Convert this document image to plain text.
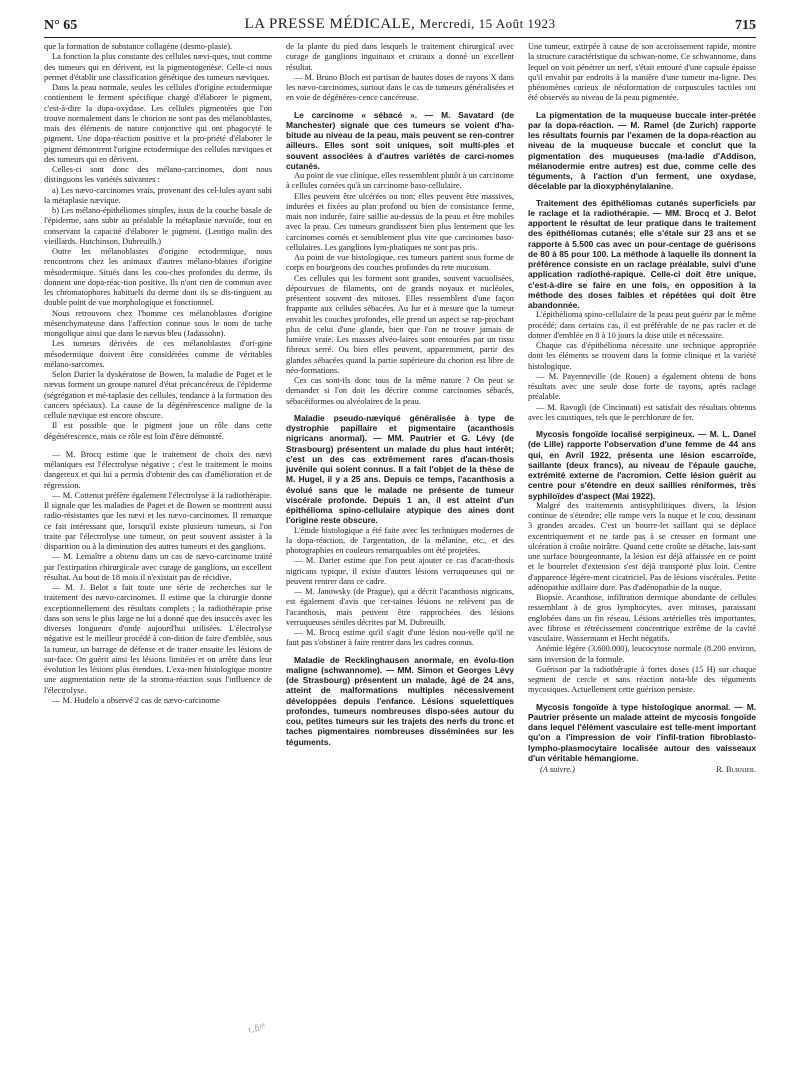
N° 65	LA PRESSE MÉDICALE, Mercredi, 15 Août 1923	715

que la formation de substance collagène (desmo-plasie).

La fonction la plus constante des cellules nævi-ques, tout comme des tumeurs qui en dérivent, est la pigmentogenèse. Celle-ci nous permet d'établir une classification génétique des tumeurs næviques.

Dans la peau normale, seules les cellules d'origine ectodermique contiennent le ferment spécifique chargé d'élaborer le pigment, c'est-à-dire la dopa-oxydase. Les cellules pigmentées que l'on trouve normalement dans le chorion ne sont pas des mélanoblastes, mais des éléments de nature conjonctive qui ont phagocyté le pigment. Une dopa-réaction positive et la pro-priété d'élaborer le pigment démontrent l'origine ectodermique des cellules næviques et des tumeurs qui en dérivent.

Celles-ci sont donc des mélano-carcinomes, dont nous distinguons les variétés suivantes :

a) Les nævo-carcinomes vrais, provenant des cel-lules ayant subi la métaplasie nævique.

b) Les mélano-épithéliomes simples, issus de la couche basale de l'épiderme, sans subir au préalable la métaplasie nævoïde, tout en conservant la capacité d'élaborer le pigment. (Lentigo malin des vieillards. Hutchinson, Dubreuilh.)

Outre les mélanoblastes d'origine ectodermique, nous rencontrons chez les animaux d'autres mélano-blastes d'origine mésodermique. Situés dans les cou-ches profondes du derme, ils donnent une dopa-réac-tion positive. Ils n'ont rien de commun avec les chromatophores habituels du derme dont ils se dis-tinguent au double point de vue morphologique et fonctionnel.

Nous retrouvons chez l'homme ces mélanoblastes d'origine mésenchymateuse dans l'affection connue sous le nom de tache mongolique ainsi que dans le nævus bleu (Jadassohn).

Les tumeurs dérivées de ces mélanoblastes d'ori-gine mésodermique doivent être considérées comme de véritables mélano-sarcomes.

Selon Darier la dyskératose de Bowen, la maladie de Paget et le nævus forment un groupe naturel d'état précancéreux de l'épiderme (ségrégation et mé-taplasie des cellules, tendance à la formation des cancers spéciaux). La cause de la dégénérescence maligne de la cellule nævique est encore obscure.

Il est possible que le pigment joue un rôle dans cette dégénérescence, mais ce rôle est loin d'être démontré.

— M. Brocq estime que le traitement de choix des nævi mélaniques est l'électrolyse négative ; c'est le traitement le moins dangereux et qui lui a permis d'obtenir des cas d'amélioration et de régression.

— M. Cottenot préfère également l'électrolyse à la radiothérapie. Il signale que les maladies de Paget et de Bowen se montrent aussi radio-résistantes que les nævi et les nævo-carcinomes. Il remarque ce fait intéressant que, lorsqu'il existe plusieurs tumeurs, si l'on traite par l'électrolyse une tumeur, on peut souvent assister à la disparition ou à la diminution des autres tumeurs et des ganglions.

— M. Lemaître a obtenu dans un cas de nævo-carcinome traité par l'extirpation chirurgicale avec curage de ganglions, un excellent résultat. Au bout de 18 mois il n'existait pas de récidive.

— M. J. Belot a fait toute une série de recherches sur le traitement des nævo-carcinomes. Il estime que la chirurgie donne exceptionnellement des résultats complets ; la radiothérapie prise dans son sens le plus large ne lui a donné que des insuccès avec les diverses longueurs d'onde aujourd'hui utilisées. L'électrolyse négative est le meilleur procédé à con-dition de faire d'emblée, sous la tumeur, un barrage de défense et de traiter ensuite les lésions de sur-face. On guérit ainsi les lésions limitées et on arrête dans leur évolution les lésions plus étendues. L'exa-men histologique montre une augmentation nette de la stroma-réaction sous l'influence de l'électrolyse.

— M. Hudelo a observé 2 cas de nævo-carcinome

de la plante du pied dans lesquels le traitement chirurgical avec curage de ganglions inguinaux et cruraux a donné un excellent résultat.

— M. Bruno Bloch est partisan de hautes doses de rayons X dans les nævo-carcinomes, surtout dans le cas de tumeurs généralisées et en voie de dégénéres-cence cancéreuse.

Le carcinome « sébacé ». — M. Savatard (de Manchester) signale que ces tumeurs se voient d'ha-bitude au niveau de la peau, mais peuvent se ren-contrer ailleurs. Elles sont soit uniques, soit multi-ples et souvent associées à d'autres variétés de carci-nomes cutanés.

Au point de vue clinique, elles ressemblent plutôt à un carcinome à cellules cornées qu'à un carcinome baso-cellulaire.

Elles peuvent être ulcérées ou non; elles peuvent être massives, indurées et fixées au plan profond ou bien de consistance ferme, mais non indurée, faire saillie au-dessus de la peau et être mobiles avec la peau. Ces tumeurs grandissent bien plus lentement que les carcinomes cornés et sensiblement plus vite que carcinomes baso-cellulaires. Les ganglions lym-phatiques ne sont pas pris.

Au point de vue histologique, ces tumeurs partent sous forme de corps en bourgeons des couches profondes du rete mucosum.

Ces cellules qui les forment sont grandes, souvent vacuolisées, dépourvues de filaments, ont de grands noyaux et nucléoles, présentent souvent des mitoses. Elles ressemblent d'une façon frappante aux cellules sébacées. Au fur et à mesure que la tumeur envahit les couches profondes, elle prend un aspect se rap-prochant plus de celui d'une glande, bien que l'on ne trouve jamais de lumière vraie. Les masses alvéo-laires sont entourées par un tissu fibreux serré. Ou bien elles peuvent, apparemment, partir des glandes sébacées quand la partie supérieure du chorion est libre de néo-formations.

Ces cas sont-ils donc tous de la même nature ? On peut se demander si l'on doit les décrire comme carcinomes sébacés, sébacéiformes ou alvéolaires de la peau.

Maladie pseudo-næviqué généralisée à type de dystrophie papillaire et pigmentaire (acanthosis nigricans anormal). — MM. Pautrier et G. Lévy (de Strasbourg) présentent un malade du plus haut intérêt; c'est un des cas extrêmement rares d'acan-thosis juvénile qui soient connus. Il a fait l'objet de la thèse de M. Hugel, il y a 25 ans. Depuis ce temps, l'acanthosis a évolué sans que le malade ne présente de tumeur viscérale profonde. Depuis 1 an, il est atteint d'un épithélioma spino-cellulaire atypique des aines dont l'origine reste obscure.

L'étude histologique a été faite avec les techniques modernes de la dopa-réaction, de l'argentation, de la mélanine, etc., et des photographies en couleurs remarquables ont été projetées.

— M. Darier estime que l'on peut ajouter ce cas d'acan-thosis nigricans typique, il existe d'autres lésions verruqueuses qui ne peuvent rentrer dans ce cadre.

— M. Janowsky (de Prague), qui a décrit l'acanthosis nigricans, est également d'avis que cer-taines lésions ne relèvent pas de l'acanthosis, mais peuvent être rapprochées des lésions verruqueuses séniles décrites par M. Dubreuilh.

— M. Brocq estime qu'il s'agit d'une lésion nou-velle qu'il ne faut pas s'obstiner à faire rentrer dans les cadres connus.

Maladie de Recklinghausen anormale, en évolu-tion maligne (schwannome). — MM. Simon et Georges Lévy (de Strasbourg) présentent un malade, âgé de 24 ans, atteint de malformations multiples nécessivement développées depuis l'enfance. Lésions squelettiques profondes, tumeurs nombreuses dispo-sées autour du cou, petites tumeurs sur les trajets des nerfs du tronc et taches pigmentaires nombreuses disséminées sur les téguments.

Une tumeur, extirpée à cause de son accroissement rapide, montre la structure caractéristique du schwan-nome. Ce schwannome, dans lequel on voit pénétrer un nerf, s'était entouré d'une capsule épaisse qu'il envahit par endroits à la manière d'une tumeur ma-ligne. Des phénomènes curieux de néoformation de corpuscules tactiles ont été observés au niveau de la peau pigmentée.

La pigmentation de la muqueuse buccale inter-prétée par la dopa-réaction. — M. Ramel (de Zurich) rapporte les résultats fournis par l'examen de la dopa-réaction au niveau de la muqueuse buccale et conclut que la pigmentation des muqueuses (ma-ladie d'Addison, mélanodermie entre autres) est due, comme celle des téguments, à l'action d'un ferment, une oxydase, décelable par la dioxyphénylalanine.
Traitement des épithéliomas cutanés superficiels par le raclage et la radiothérapie. — MM. Brocq et J. Belot apportent le résultat de leur pratique dans le traitement des épithéliomas cutanés; elle s'étale sur 23 ans et se rapporte à 5.500 cas avec un pour-centage de guérisons de 80 à 85 pour 100. La méthode à laquelle ils donnent la préférence consiste en un raclage préalable, suivi d'une application radiothé-rapique. Celle-ci doit être unique, c'est-à-dire se faire en une fois, en opposition à la méthode des doses faibles et répétées qui doit être abandonnée.

L'épithélioma spino-cellulaire de la peau peut guérir par le même procédé; dans certains cas, il est préférable de ne pas racler et de donner d'emblée en 8 à 10 jours la dose utile et nécessaire.

Chaque cas d'épithélioma nécessite une technique appropriée dont les éléments se trouvent dans la forme clinique et la variété histologique.

— M. Payenneville (de Rouen) a également obtenu de bons résultats avec une seule dose forte de rayons, après raclage préalable.

— M. Ravogli (de Cincinnati) est satisfait des résultats obtenus avec les caustiques, tels que le perchlorure de fer.

Mycosis fongoïde localisé serpigineux. — M. L. Danel (de Lille) rapporte l'observation d'une femme de 44 ans qui, en Avril 1922, présenta une lésion escarroïde, saillante (deux francs), au niveau de l'épaule gauche, extrémité externe de l'acromion. Cette lésion guérit au centre pour s'étendre en deux saillies réniformes, très syphiloïdes d'aspect (Mai 1922).

Malgré des traitements antisyphilitiques divers, la lésion continue de s'étendre; elle rampe vers la nuque et le cou, dessinant 3 grandes arcades. C'est un bourre-let saillant qui se déplace excentriquement et ne tarde pas à se creuser en formant une ulcération à croûte noirâtre. Quand cette croûte se détache, lais-sant une surface bourgeonnante, la lésion est déjà affaissée en ce point et le bourrelet d'extension s'est déjà transporté plus loin. Centre d'apparence légère-ment cicatriciel. Pas de lésions viscérales. Petite adénopathie axillaire dure. Pas d'adénopathie de la nuque.

Biopsie. Acanthose, infiltration dermique abondante de cellules ressemblant à de gros lymphocytes, avec mitoses, paraissant englobées dans un fin réseau. Lésions artérielles très importantes, avec fibrose et rétrécissement concentrique extrême de la cavité vasculaire. Wassermann et Hecht négatifs.

Anémie légère (3.600.000), leucocytose normale (8.200 environ, sans inversion de la formule.

Guérison par la radiothérapie à fortes doses (15 H) sur chaque segment de cercle et sans réaction nota-ble des téguments mycosiques. Actuellement cette guérison persiste.

Mycosis fongoïde à type histologique anormal. — M. Pautrier présente un malade atteint de mycosis fongoïde dans lequel l'élément vasculaire est telle-ment important qu'on a l'impression de voir l'infil-tration fibroblasto-lympho-plasmocytaire localisée autour des vaisseaux d'un véritable hémangiome.
(A suivre.)	R. Burnier.
ɩ‚ɦᵖᵗ
